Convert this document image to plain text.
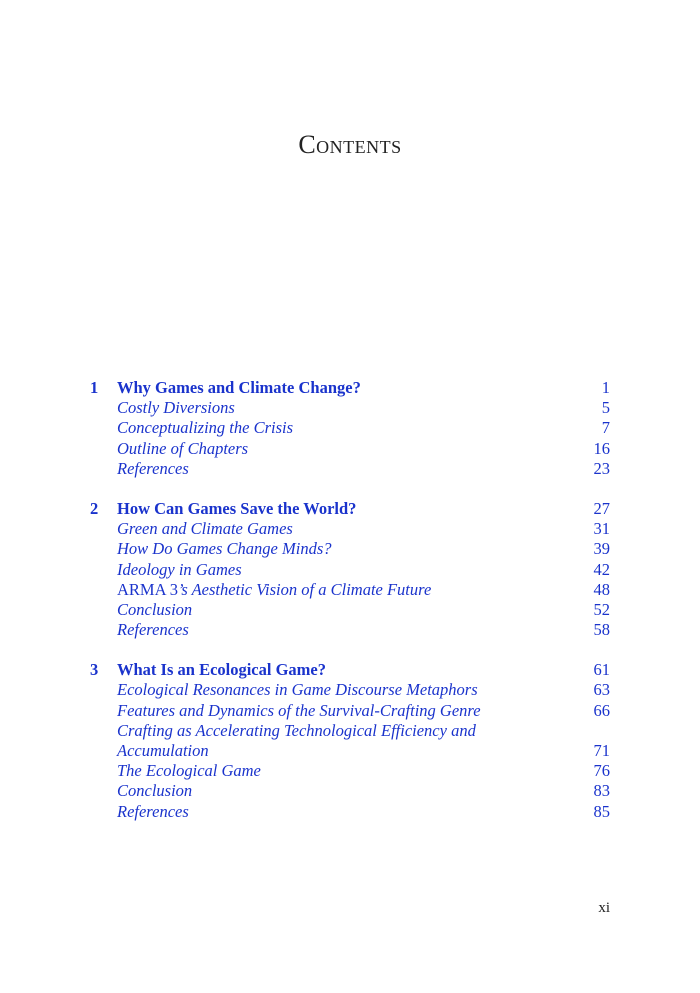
Contents
1 Why Games and Climate Change?	1
Costly Diversions	5
Conceptualizing the Crisis	7
Outline of Chapters	16
References	23
2 How Can Games Save the World?	27
Green and Climate Games	31
How Do Games Change Minds?	39
Ideology in Games	42
ARMA 3’s Aesthetic Vision of a Climate Future	48
Conclusion	52
References	58
3 What Is an Ecological Game?	61
Ecological Resonances in Game Discourse Metaphors	63
Features and Dynamics of the Survival-Crafting Genre	66
Crafting as Accelerating Technological Efficiency and
Accumulation	71
The Ecological Game	76
Conclusion	83
References	85
xi
